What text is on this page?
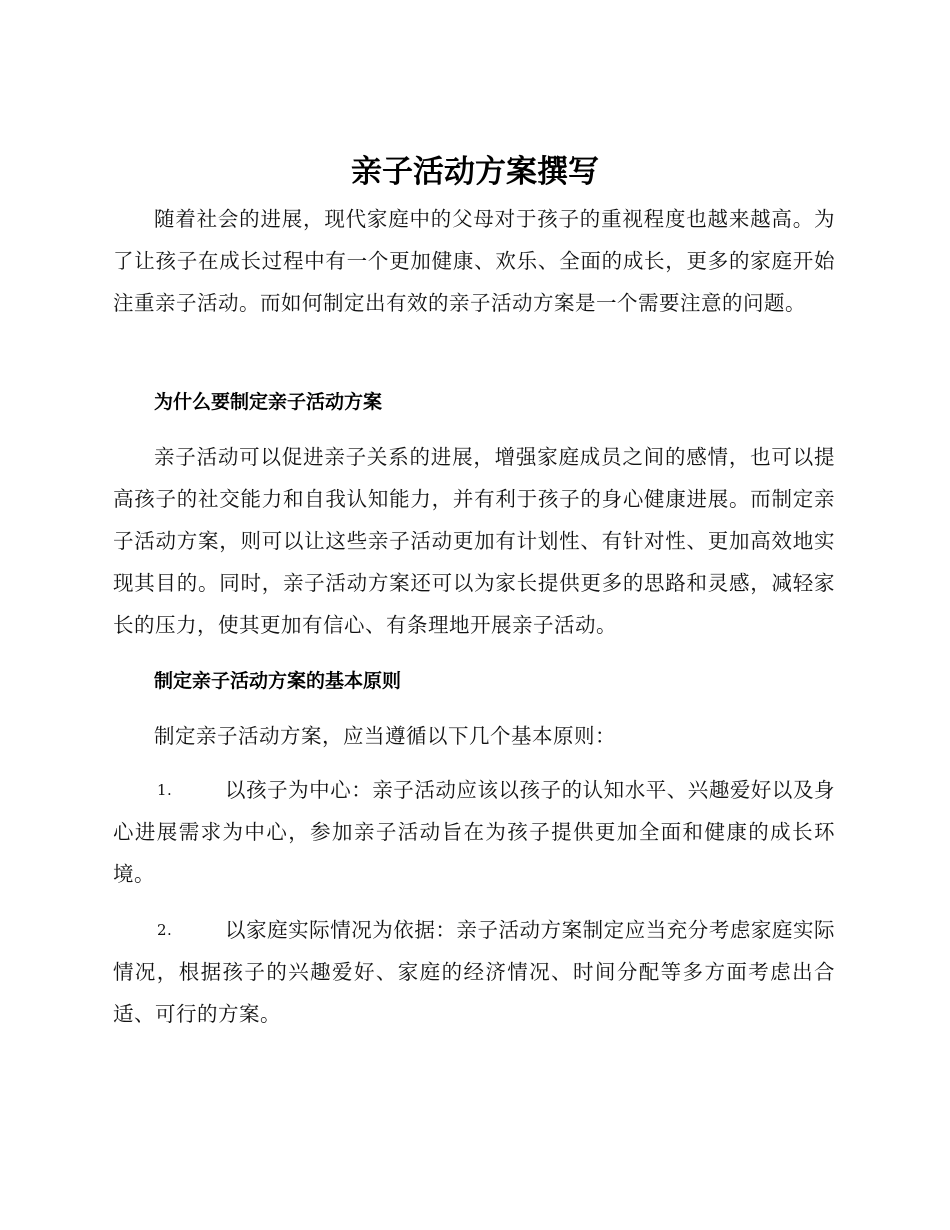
亲子活动方案撰写

随着社会的进展，现代家庭中的父母对于孩子的重视程度也越来越高。为了让孩子在成长过程中有一个更加健康、欢乐、全面的成长，更多的家庭开始注重亲子活动。而如何制定出有效的亲子活动方案是一个需要注意的问题。

为什么要制定亲子活动方案

亲子活动可以促进亲子关系的进展，增强家庭成员之间的感情，也可以提高孩子的社交能力和自我认知能力，并有利于孩子的身心健康进展。而制定亲子活动方案，则可以让这些亲子活动更加有计划性、有针对性、更加高效地实现其目的。同时，亲子活动方案还可以为家长提供更多的思路和灵感，减轻家长的压力，使其更加有信心、有条理地开展亲子活动。

制定亲子活动方案的基本原则

制定亲子活动方案，应当遵循以下几个基本原则：

1.	以孩子为中心：亲子活动应该以孩子的认知水平、兴趣爱好以及身心进展需求为中心，参加亲子活动旨在为孩子提供更加全面和健康的成长环境。

2.	以家庭实际情况为依据：亲子活动方案制定应当充分考虑家庭实际情况，根据孩子的兴趣爱好、家庭的经济情况、时间分配等多方面考虑出合适、可行的方案。
